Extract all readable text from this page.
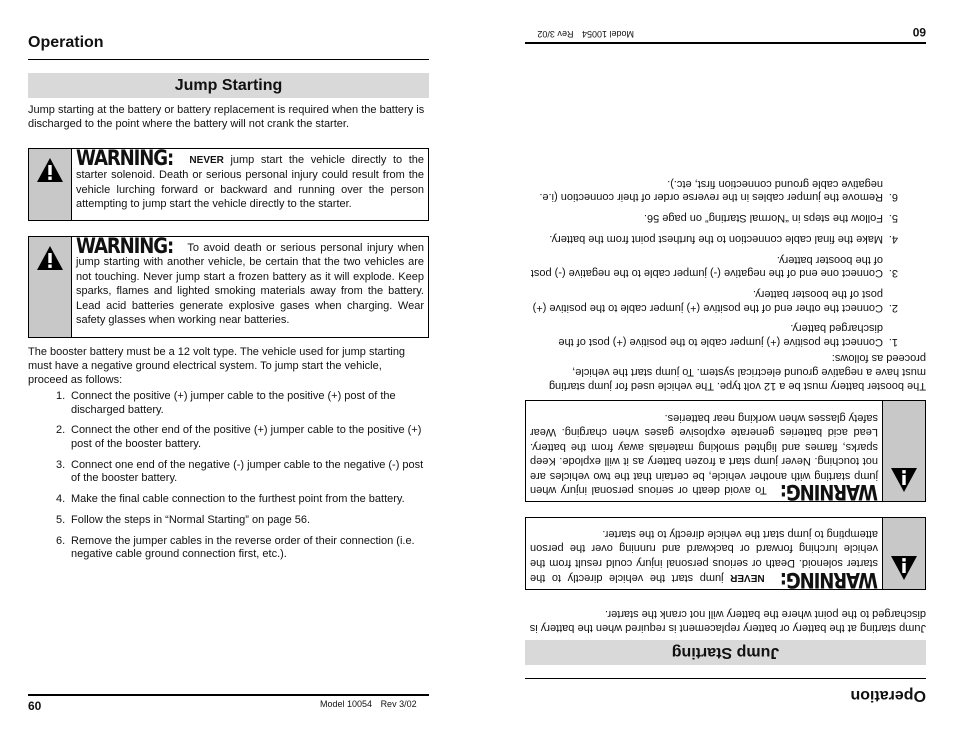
Operation
Jump Starting
Jump starting at the battery or battery replacement is required when the battery is discharged to the point where the battery will not crank the starter.
WARNING: NEVER jump start the vehicle directly to the starter solenoid. Death or serious personal injury could result from the vehicle lurching forward or backward and running over the person attempting to jump start the vehicle directly to the starter.
WARNING: To avoid death or serious personal injury when jump starting with another vehicle, be certain that the two vehicles are not touching. Never jump start a frozen battery as it will explode. Keep sparks, flames and lighted smoking materials away from the battery. Lead acid batteries generate explosive gases when charging. Wear safety glasses when working near batteries.
The booster battery must be a 12 volt type. The vehicle used for jump starting must have a negative ground electrical system. To jump start the vehicle, proceed as follows:
1. Connect the positive (+) jumper cable to the positive (+) post of the discharged battery.
2. Connect the other end of the positive (+) jumper cable to the positive (+) post of the booster battery.
3. Connect one end of the negative (-) jumper cable to the negative (-) post of the booster battery.
4. Make the final cable connection to the furthest point from the battery.
5. Follow the steps in “Normal Starting” on page 56.
6. Remove the jumper cables in the reverse order of their connection (i.e. negative cable ground connection first, etc.).
60	Model 10054 Rev 3/02	Operation
Jump Starting
Jump starting at the battery or battery replacement is required when the battery is discharged to the point where the battery will not crank the starter.
WARNING: NEVER jump start the vehicle directly to the starter solenoid. Death or serious personal injury could result from the vehicle lurching forward or backward and running over the person attempting to jump start the vehicle directly to the starter.
WARNING: To avoid death or serious personal injury when jump starting with another vehicle, be certain that the two vehicles are not touching. Never jump start a frozen battery as it will explode. Keep sparks, flames and lighted smoking materials away from the battery. Lead acid batteries generate explosive gases when charging. Wear safety glasses when working near batteries.
The booster battery must be a 12 volt type. The vehicle used for jump starting must have a negative ground electrical system. To jump start the vehicle, proceed as follows:
1.
Connect the positive (+) jumper cable to the positive (+) post of the discharged battery.
2.
Connect the other end of the positive (+) jumper cable to the positive (+) post of the booster battery.
3.
Connect one end of the negative (-) jumper cable to the negative (-) post of the booster battery.
4.
Make the final cable connection to the furthest point from the battery.
5.
Follow the steps in “Normal Starting” on page 56.
6.
Remove the jumper cables in the reverse order of their connection (i.e. negative cable ground connection first, etc.).
60
Model 10054 Rev 3/02
